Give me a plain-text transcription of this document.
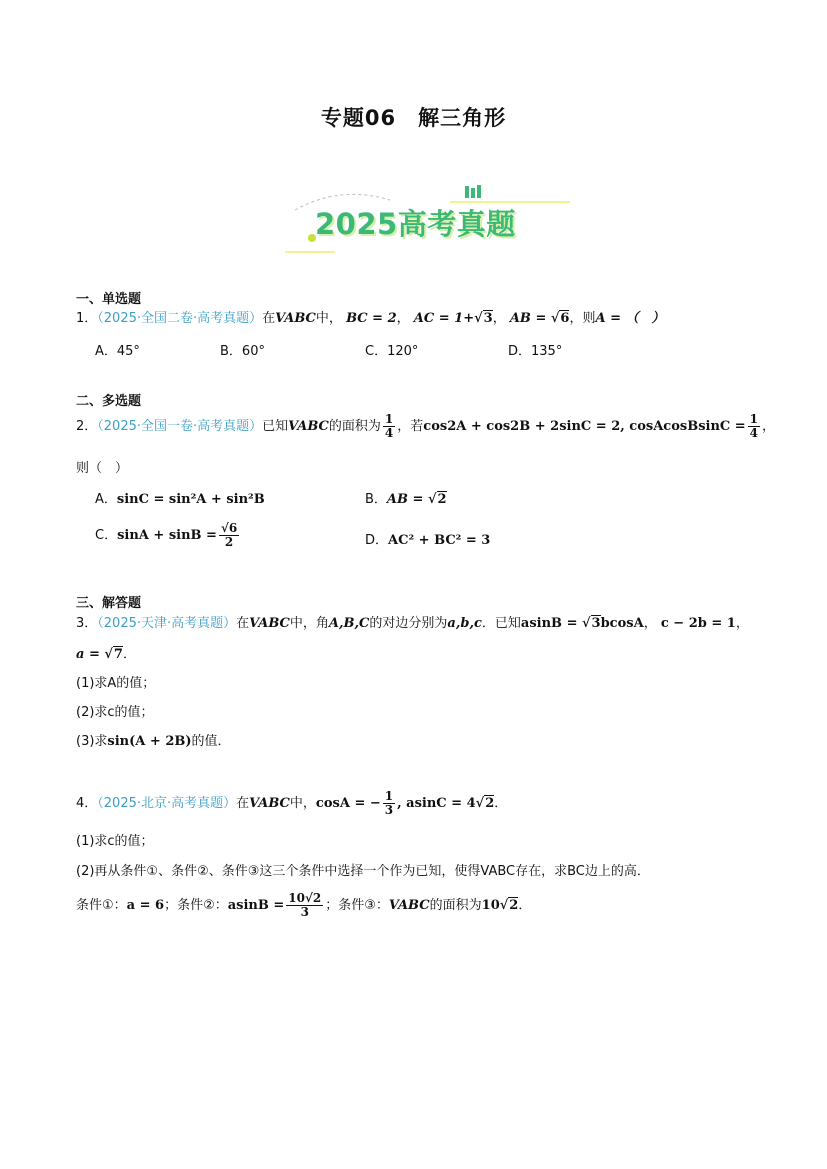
专题06　解三角形
2025高考真题
一、单选题
1．（2025·全国二卷·高考真题）在VABC中， BC = 2， AC = 1+√3， AB = √6，则A = （　）
A．45°	B．60°	C．120°	D．135°
二、多选题
2．（2025·全国一卷·高考真题）已知VABC的面积为 $\frac{1}{4}$ ，若cos2A + cos2B + 2sinC = 2, cosAcosBsinC = $\frac{1}{4}$ ，
则（　）
A．sinC = sin²A + sin²B	B．AB = √2
C．$\sin A + \sin B = \frac{√6}{2}$	D．AC² + BC² = 3
三、解答题
3．（2025·天津·高考真题）在VABC中，角A,B,C的对边分别为a,b,c．已知asinB = √3bcosA， c − 2b = 1，
a = √7．
(1)求A的值；
(2)求c的值；
(3)求sin(A + 2B)的值．
4．（2025·北京·高考真题）在VABC中，cosA = − $\frac{1}{3}$ , asinC = 4√2．
(1)求c的值；
(2)再从条件①、条件②、条件③这三个条件中选择一个作为已知，使得VABC存在，求BC边上的高．
条件①：a = 6；条件②：$asinB = \frac{10√2}{3}$ ；条件③：VABC的面积为10√2．
